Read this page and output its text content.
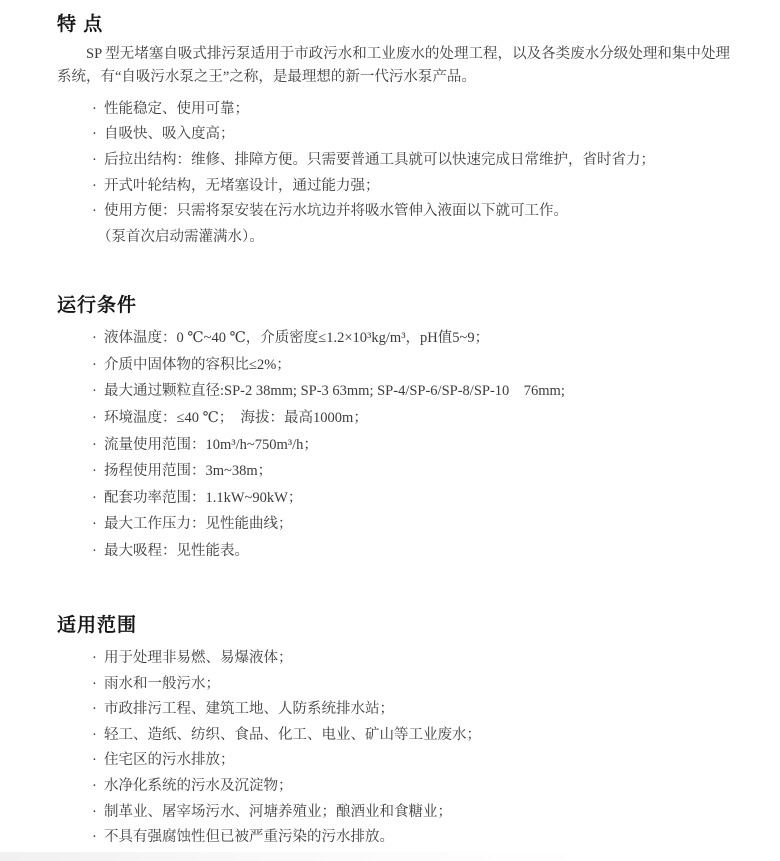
特 点

SP 型无堵塞自吸式排污泵适用于市政污水和工业废水的处理工程，以及各类废水分级处理和集中处理系统，有“自吸污水泵之王”之称，是最理想的新一代污水泵产品。

· 性能稳定、使用可靠；
· 自吸快、吸入度高；
· 后拉出结构：维修、排障方便。只需要普通工具就可以快速完成日常维护，省时省力；
· 开式叶轮结构，无堵塞设计，通过能力强；
· 使用方便：只需将泵安装在污水坑边并将吸水管伸入液面以下就可工作。
（泵首次启动需灌满水）。
运行条件
· 液体温度：0 ℃~40 ℃，介质密度≤1.2×10³kg/m³，pH值5~9；
· 介质中固体物的容积比≤2%；
· 最大通过颗粒直径:SP-2 38mm; SP-3 63mm; SP-4/SP-6/SP-8/SP-10　76mm;
· 环境温度：≤40 ℃；　海拔：最高1000m；
· 流量使用范围：10m³/h~750m³/h；
· 扬程使用范围：3m~38m；
· 配套功率范围：1.1kW~90kW；
· 最大工作压力：见性能曲线；
· 最大吸程：见性能表。
适用范围
· 用于处理非易燃、易爆液体；
· 雨水和一般污水；
· 市政排污工程、建筑工地、人防系统排水站；
· 轻工、造纸、纺织、食品、化工、电业、矿山等工业废水；
· 住宅区的污水排放；
· 水净化系统的污水及沉淀物；
· 制革业、屠宰场污水、河塘养殖业；酿酒业和食糖业；
· 不具有强腐蚀性但已被严重污染的污水排放。
